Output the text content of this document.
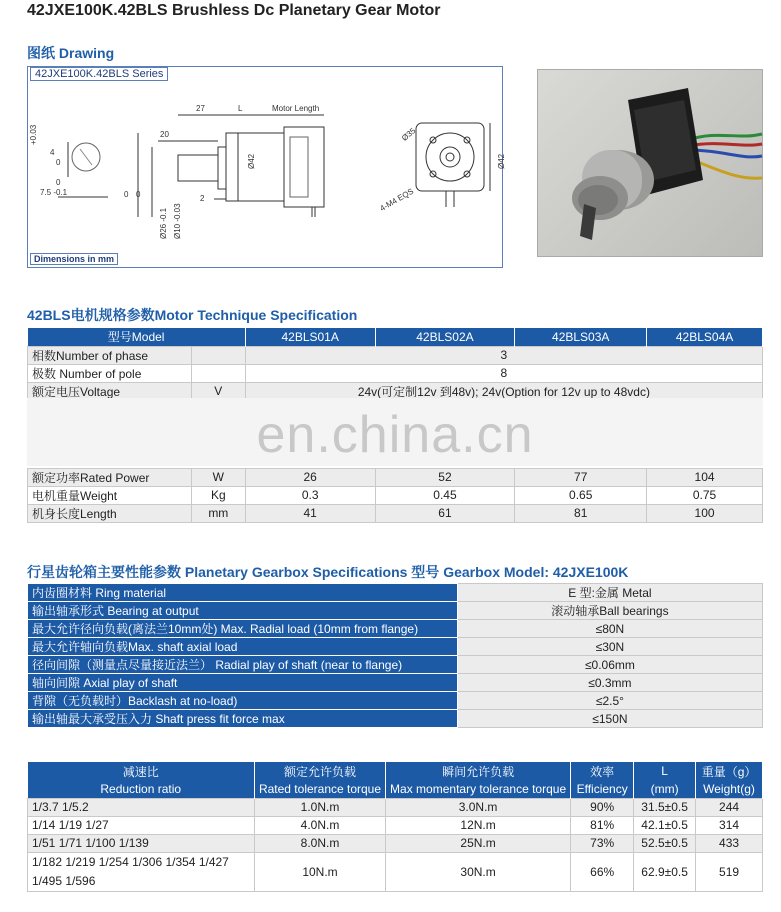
42JXE100K.42BLS Brushless Dc Planetary Gear Motor
图纸 Drawing
42JXE100K.42BLS Series
27	L	Motor Length
20
+0.03
4
0
7.5 -0.1
0
Ø42
2
Ø26 -0.1 Ø10 -0.03
0 0
Ø35
4-M4 EQS
Ø42
Dimensions in mm
42BLS电机规格参数Motor Technique Specification
型号Model		42BLS01A	42BLS02A	42BLS03A	42BLS04A
相数Number of phase		3			
极数 Number of pole		8			
额定电压Voltage	V	24v(可定制12v 到48v); 24v(Option for 12v up to 48vdc)			

额定功率Rated Power	W	26	52	77	104
电机重量Weight	Kg	0.3	0.45	0.65	0.75
机身长度Length	mm	41	61	81	100
en.china.cn
行星齿轮箱主要性能参数 Planetary Gearbox Specifications 型号 Gearbox Model: 42JXE100K
内齿圈材料 Ring material	E 型:金属 Metal
输出轴承形式 Bearing at output	滚动轴承Ball bearings
最大允许径向负载(离法兰10mm处) Max. Radial load (10mm from flange)	≤80N
最大允许轴向负载Max. shaft axial load	≤30N
径向间隙（测量点尽量接近法兰） Radial play of shaft (near to flange)	≤0.06mm
轴向间隙 Axial play of shaft	≤0.3mm
背隙（无负载时）Backlash at no-load)	≤2.5°
输出轴最大承受压入力 Shaft press fit force max	≤150N
减速比	额定允许负载	瞬间允许负载	效率	L	重量（g）
Reduction ratio	Rated tolerance torque	Max momentary tolerance torque	Efficiency	(mm)	Weight(g)
1/3.7 1/5.2	1.0N.m	3.0N.m	90%	31.5±0.5	244
1/14 1/19 1/27	4.0N.m	12N.m	81%	42.1±0.5	314
1/51 1/71 1/100 1/139	8.0N.m	25N.m	73%	52.5±0.5	433

1/182 1/219 1/254 1/306 1/354 1/427
1/495 1/596	10N.m	30N.m	66%	62.9±0.5	519
